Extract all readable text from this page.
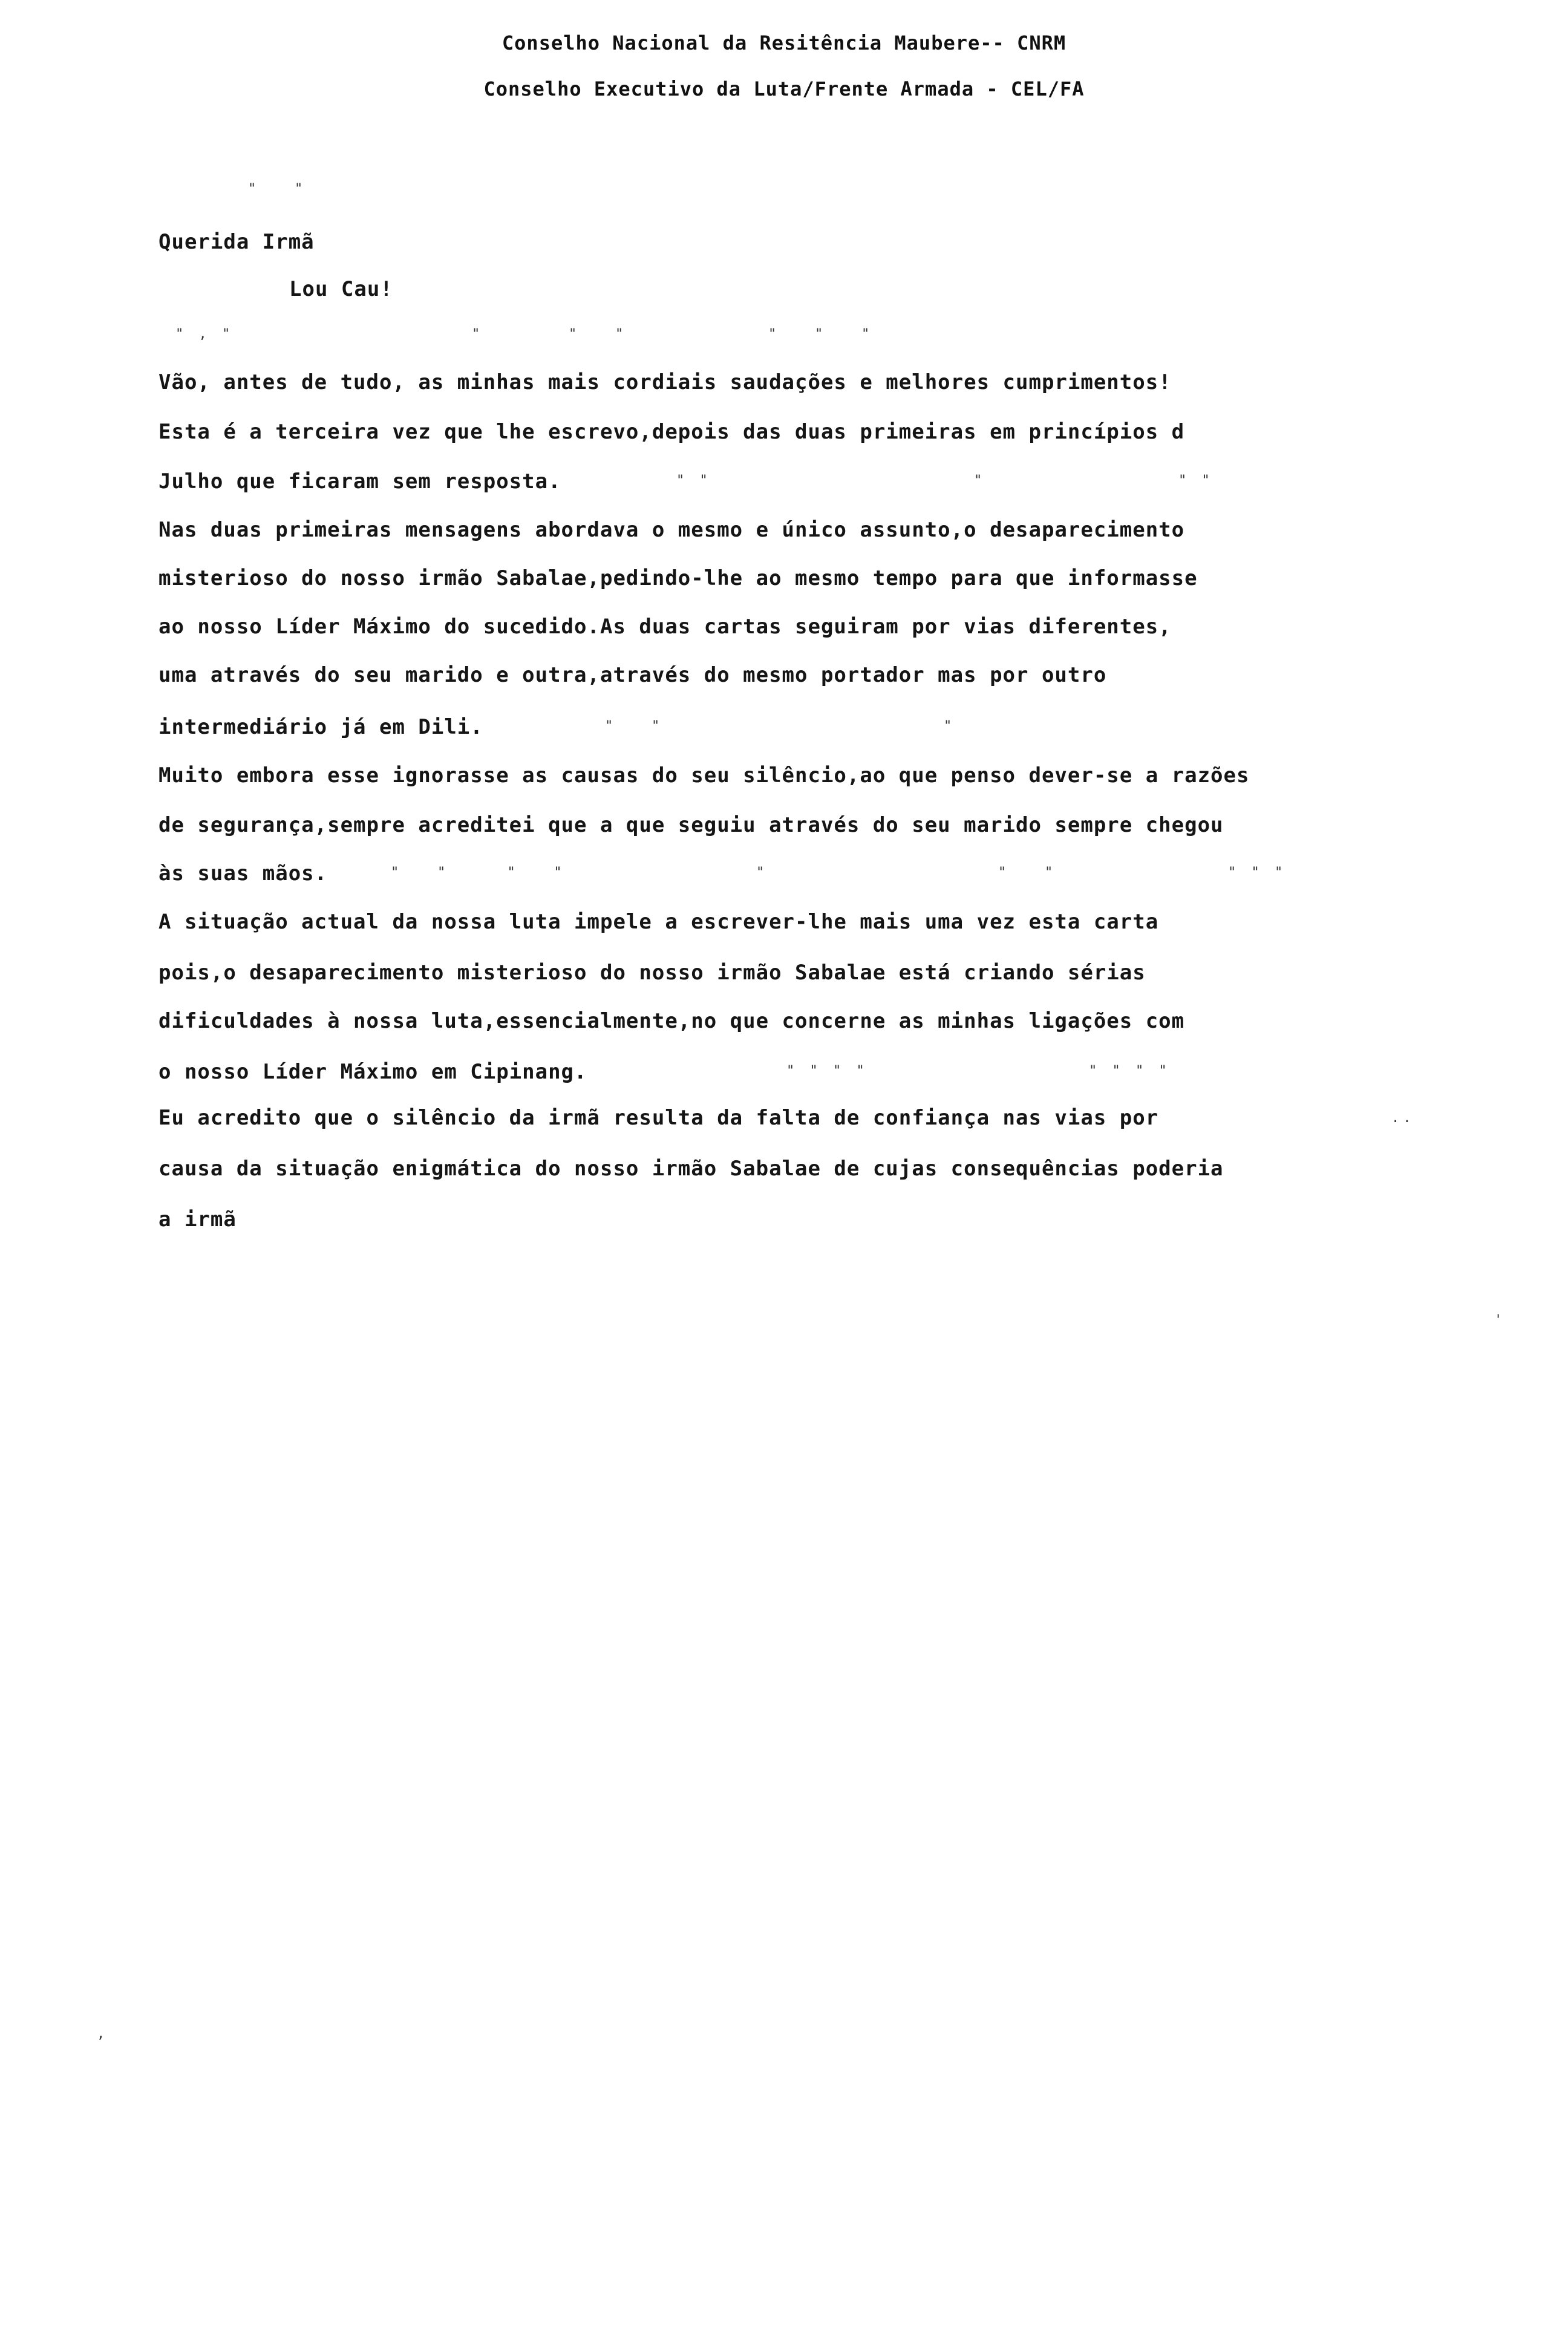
Conselho Nacional da Resitência Maubere-- CNRM
Conselho Executivo da Luta/Frente Armada - CEL/FA
"   "
Querida Irmã
Lou Cau!
" , "	"	"   "	"   "   "
Vão, antes de tudo, as minhas mais cordiais saudações e melhores cumprimentos!
Esta é a terceira vez que lhe escrevo,depois das duas primeiras em princípios d
Julho que ficaram sem resposta.	" "	"	" "
Nas duas primeiras mensagens abordava o mesmo e único assunto,o desaparecimento
misterioso do nosso irmão Sabalae,pedindo-lhe ao mesmo tempo para que informasse
ao nosso Líder Máximo do sucedido.As duas cartas seguiram por vias diferentes,
uma através do seu marido e outra,através do mesmo portador mas por outro
intermediário já em Dili.	"   "	"
Muito embora esse ignorasse as causas do seu silêncio,ao que penso dever-se a razões
de segurança,sempre acreditei que a que seguiu através do seu marido sempre chegou
às suas mãos.	"   "     "   "	"	"   "	" " "
A situação actual da nossa luta impele a escrever-lhe mais uma vez esta carta
pois,o desaparecimento misterioso do nosso irmão Sabalae está criando sérias
dificuldades à nossa luta,essencialmente,no que concerne as minhas ligações com
o nosso Líder Máximo em Cipinang.	" " " "	" " " "
Eu acredito que o silêncio da irmã resulta da falta de confiança nas vias por	..
causa da situação enigmática do nosso irmão Sabalae de cujas consequências poderia
a irmã
'
,
